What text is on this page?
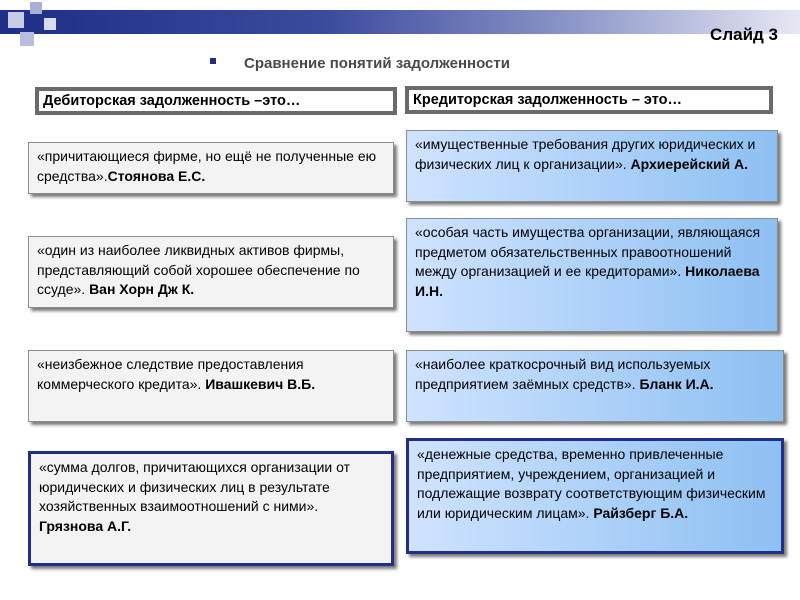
Слайд 3
Сравнение понятий задолженности
Дебиторская задолженность –это…	Кредиторская задолженность – это…
«причитающиеся фирме, но ещё не полученные ею средства».Стоянова Е.С.
«один из наиболее ликвидных активов фирмы, представляющий собой хорошее обеспечение по ссуде». Ван Хорн Дж К.
«неизбежное следствие предоставления коммерческого кредита». Ивашкевич В.Б.
«сумма долгов, причитающихся организации от юридических и физических лиц в результате хозяйственных взаимоотношений с ними». Грязнова А.Г.
«имущественные требования других юридических и физических лиц к организации». Архиерейский А.
«особая часть имущества организации, являющаяся предметом обязательственных правоотношений между организацией и ее кредиторами». Николаева И.Н.
«наиболее краткосрочный вид используемых предприятием заёмных средств». Бланк И.А.
«денежные средства, временно привлеченные предприятием, учреждением, организацией и подлежащие возврату соответствующим физическим или юридическим лицам». Райзберг Б.А.
